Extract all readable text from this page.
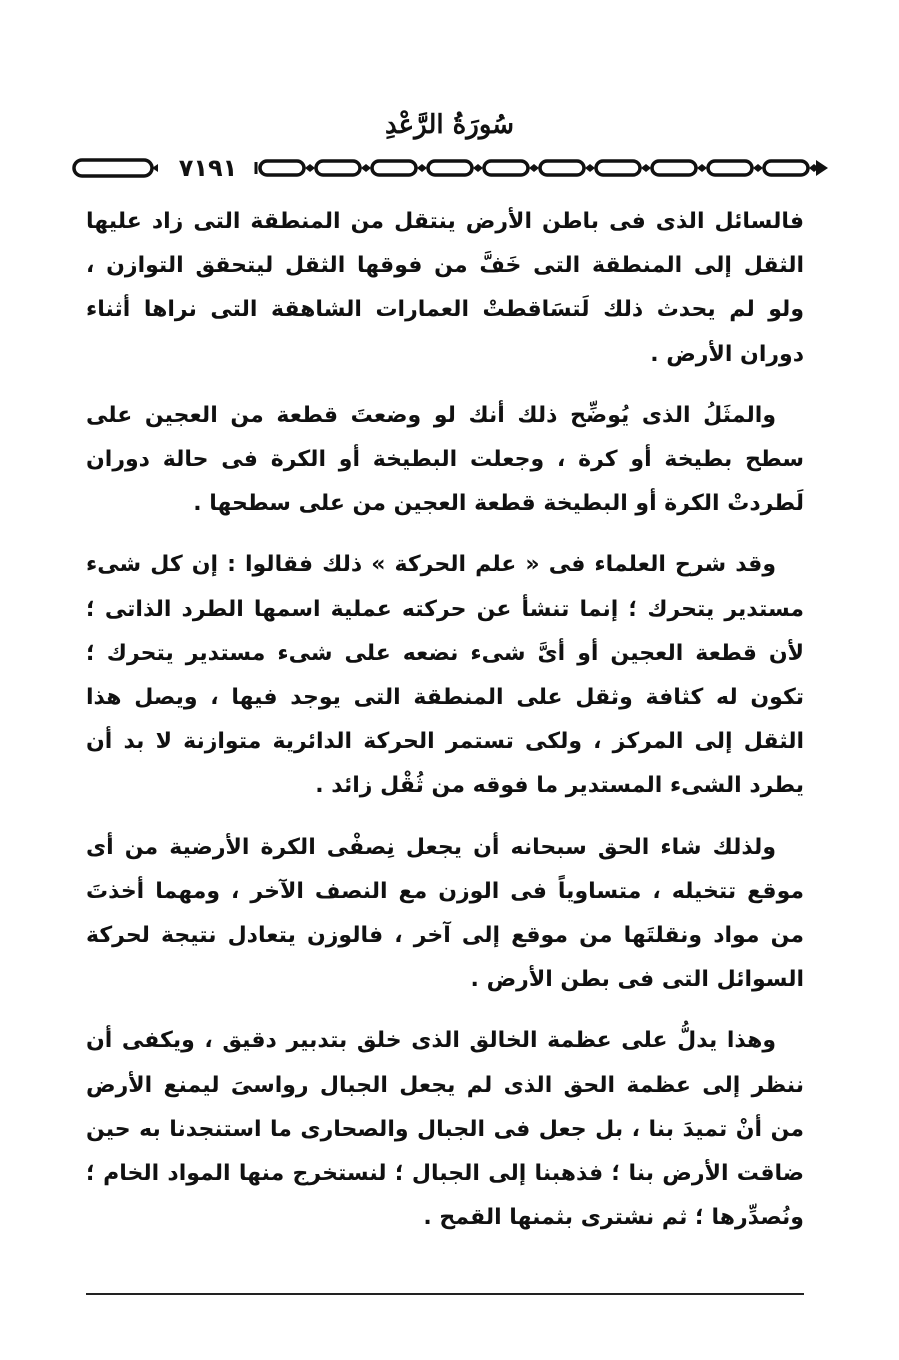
سُورَةُ الرَّعْدِ
٧١٩١

فالسائل الذى فى باطن الأرض ينتقل من المنطقة التى زاد عليها الثقل إلى المنطقة التى خَفَّ من فوقها الثقل ليتحقق التوازن ، ولو لم يحدث ذلك لَتسَاقطتْ العمارات الشاهقة التى نراها أثناء دوران الأرض .

والمثَلُ الذى يُوضِّح ذلك أنك لو وضعتَ قطعة من العجين على سطح بطيخة أو كرة ، وجعلت البطيخة أو الكرة فى حالة دوران لَطردتْ الكرة أو البطيخة قطعة العجين من على سطحها .

وقد شرح العلماء فى « علم الحركة » ذلك فقالوا : إن كل شىء مستدير يتحرك ؛ إنما تنشأ عن حركته عملية اسمها الطرد الذاتى ؛ لأن قطعة العجين أو أىَّ شىء نضعه على شىء مستدير يتحرك ؛ تكون له كثافة وثقل على المنطقة التى يوجد فيها ، ويصل هذا الثقل إلى المركز ، ولكى تستمر الحركة الدائرية متوازنة لا بد أن يطرد الشىء المستدير ما فوقه من ثُقْل زائد .

ولذلك شاء الحق سبحانه أن يجعل نِصفْى الكرة الأرضية من أى موقع تتخيله ، متساوياً فى الوزن مع النصف الآخر ، ومهما أخذتَ من مواد ونقلتَها من موقع إلى آخر ، فالوزن يتعادل نتيجة لحركة السوائل التى فى بطن الأرض .

وهذا يدلُّ على عظمة الخالق الذى خلق بتدبير دقيق ، ويكفى أن ننظر إلى عظمة الحق الذى لم يجعل الجبال رواسىَ ليمنع الأرض من أنْ تميدَ بنا ، بل جعل فى الجبال والصحارى ما استنجدنا به حين ضاقت الأرض بنا ؛ فذهبنا إلى الجبال ؛ لنستخرج منها المواد الخام ؛ ونُصدِّرها ؛ ثم نشترى بثمنها القمح .
